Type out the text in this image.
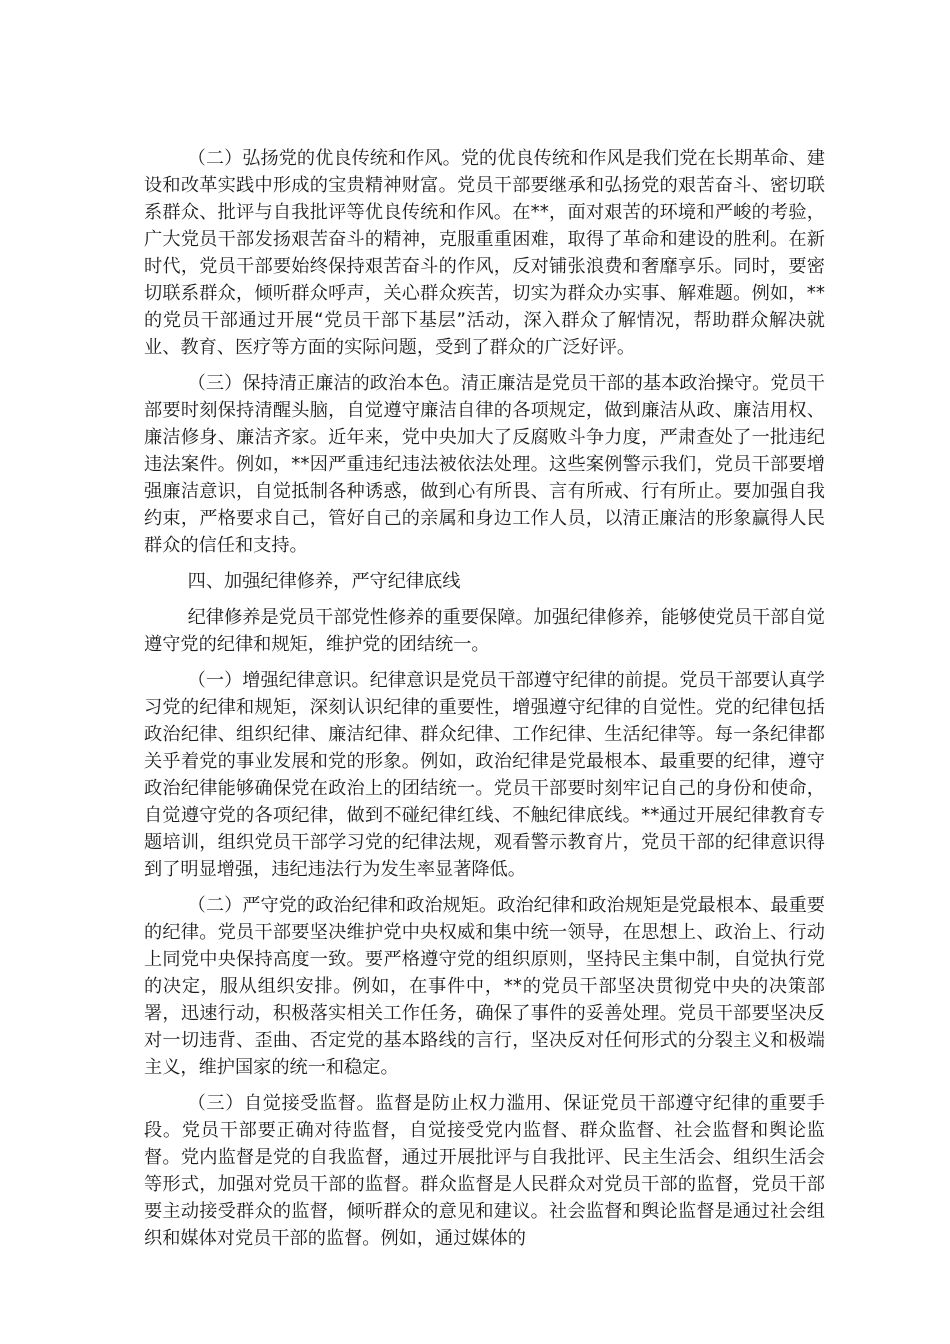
（二）弘扬党的优良传统和作风。党的优良传统和作风是我们党在长期革命、建设和改革实践中形成的宝贵精神财富。党员干部要继承和弘扬党的艰苦奋斗、密切联系群众、批评与自我批评等优良传统和作风。在**，面对艰苦的环境和严峻的考验，广大党员干部发扬艰苦奋斗的精神，克服重重困难，取得了革命和建设的胜利。在新时代，党员干部要始终保持艰苦奋斗的作风，反对铺张浪费和奢靡享乐。同时，要密切联系群众，倾听群众呼声，关心群众疾苦，切实为群众办实事、解难题。例如，**的党员干部通过开展“党员干部下基层”活动，深入群众了解情况，帮助群众解决就业、教育、医疗等方面的实际问题，受到了群众的广泛好评。

（三）保持清正廉洁的政治本色。清正廉洁是党员干部的基本政治操守。党员干部要时刻保持清醒头脑，自觉遵守廉洁自律的各项规定，做到廉洁从政、廉洁用权、廉洁修身、廉洁齐家。近年来，党中央加大了反腐败斗争力度，严肃查处了一批违纪违法案件。例如，**因严重违纪违法被依法处理。这些案例警示我们，党员干部要增强廉洁意识，自觉抵制各种诱惑，做到心有所畏、言有所戒、行有所止。要加强自我约束，严格要求自己，管好自己的亲属和身边工作人员，以清正廉洁的形象赢得人民群众的信任和支持。

四、加强纪律修养，严守纪律底线

纪律修养是党员干部党性修养的重要保障。加强纪律修养，能够使党员干部自觉遵守党的纪律和规矩，维护党的团结统一。

（一）增强纪律意识。纪律意识是党员干部遵守纪律的前提。党员干部要认真学习党的纪律和规矩，深刻认识纪律的重要性，增强遵守纪律的自觉性。党的纪律包括政治纪律、组织纪律、廉洁纪律、群众纪律、工作纪律、生活纪律等。每一条纪律都关乎着党的事业发展和党的形象。例如，政治纪律是党最根本、最重要的纪律，遵守政治纪律能够确保党在政治上的团结统一。党员干部要时刻牢记自己的身份和使命，自觉遵守党的各项纪律，做到不碰纪律红线、不触纪律底线。**通过开展纪律教育专题培训，组织党员干部学习党的纪律法规，观看警示教育片，党员干部的纪律意识得到了明显增强，违纪违法行为发生率显著降低。

（二）严守党的政治纪律和政治规矩。政治纪律和政治规矩是党最根本、最重要的纪律。党员干部要坚决维护党中央权威和集中统一领导，在思想上、政治上、行动上同党中央保持高度一致。要严格遵守党的组织原则，坚持民主集中制，自觉执行党的决定，服从组织安排。例如，在事件中，**的党员干部坚决贯彻党中央的决策部署，迅速行动，积极落实相关工作任务，确保了事件的妥善处理。党员干部要坚决反对一切违背、歪曲、否定党的基本路线的言行，坚决反对任何形式的分裂主义和极端主义，维护国家的统一和稳定。

（三）自觉接受监督。监督是防止权力滥用、保证党员干部遵守纪律的重要手段。党员干部要正确对待监督，自觉接受党内监督、群众监督、社会监督和舆论监督。党内监督是党的自我监督，通过开展批评与自我批评、民主生活会、组织生活会等形式，加强对党员干部的监督。群众监督是人民群众对党员干部的监督，党员干部要主动接受群众的监督，倾听群众的意见和建议。社会监督和舆论监督是通过社会组织和媒体对党员干部的监督。例如，通过媒体的
